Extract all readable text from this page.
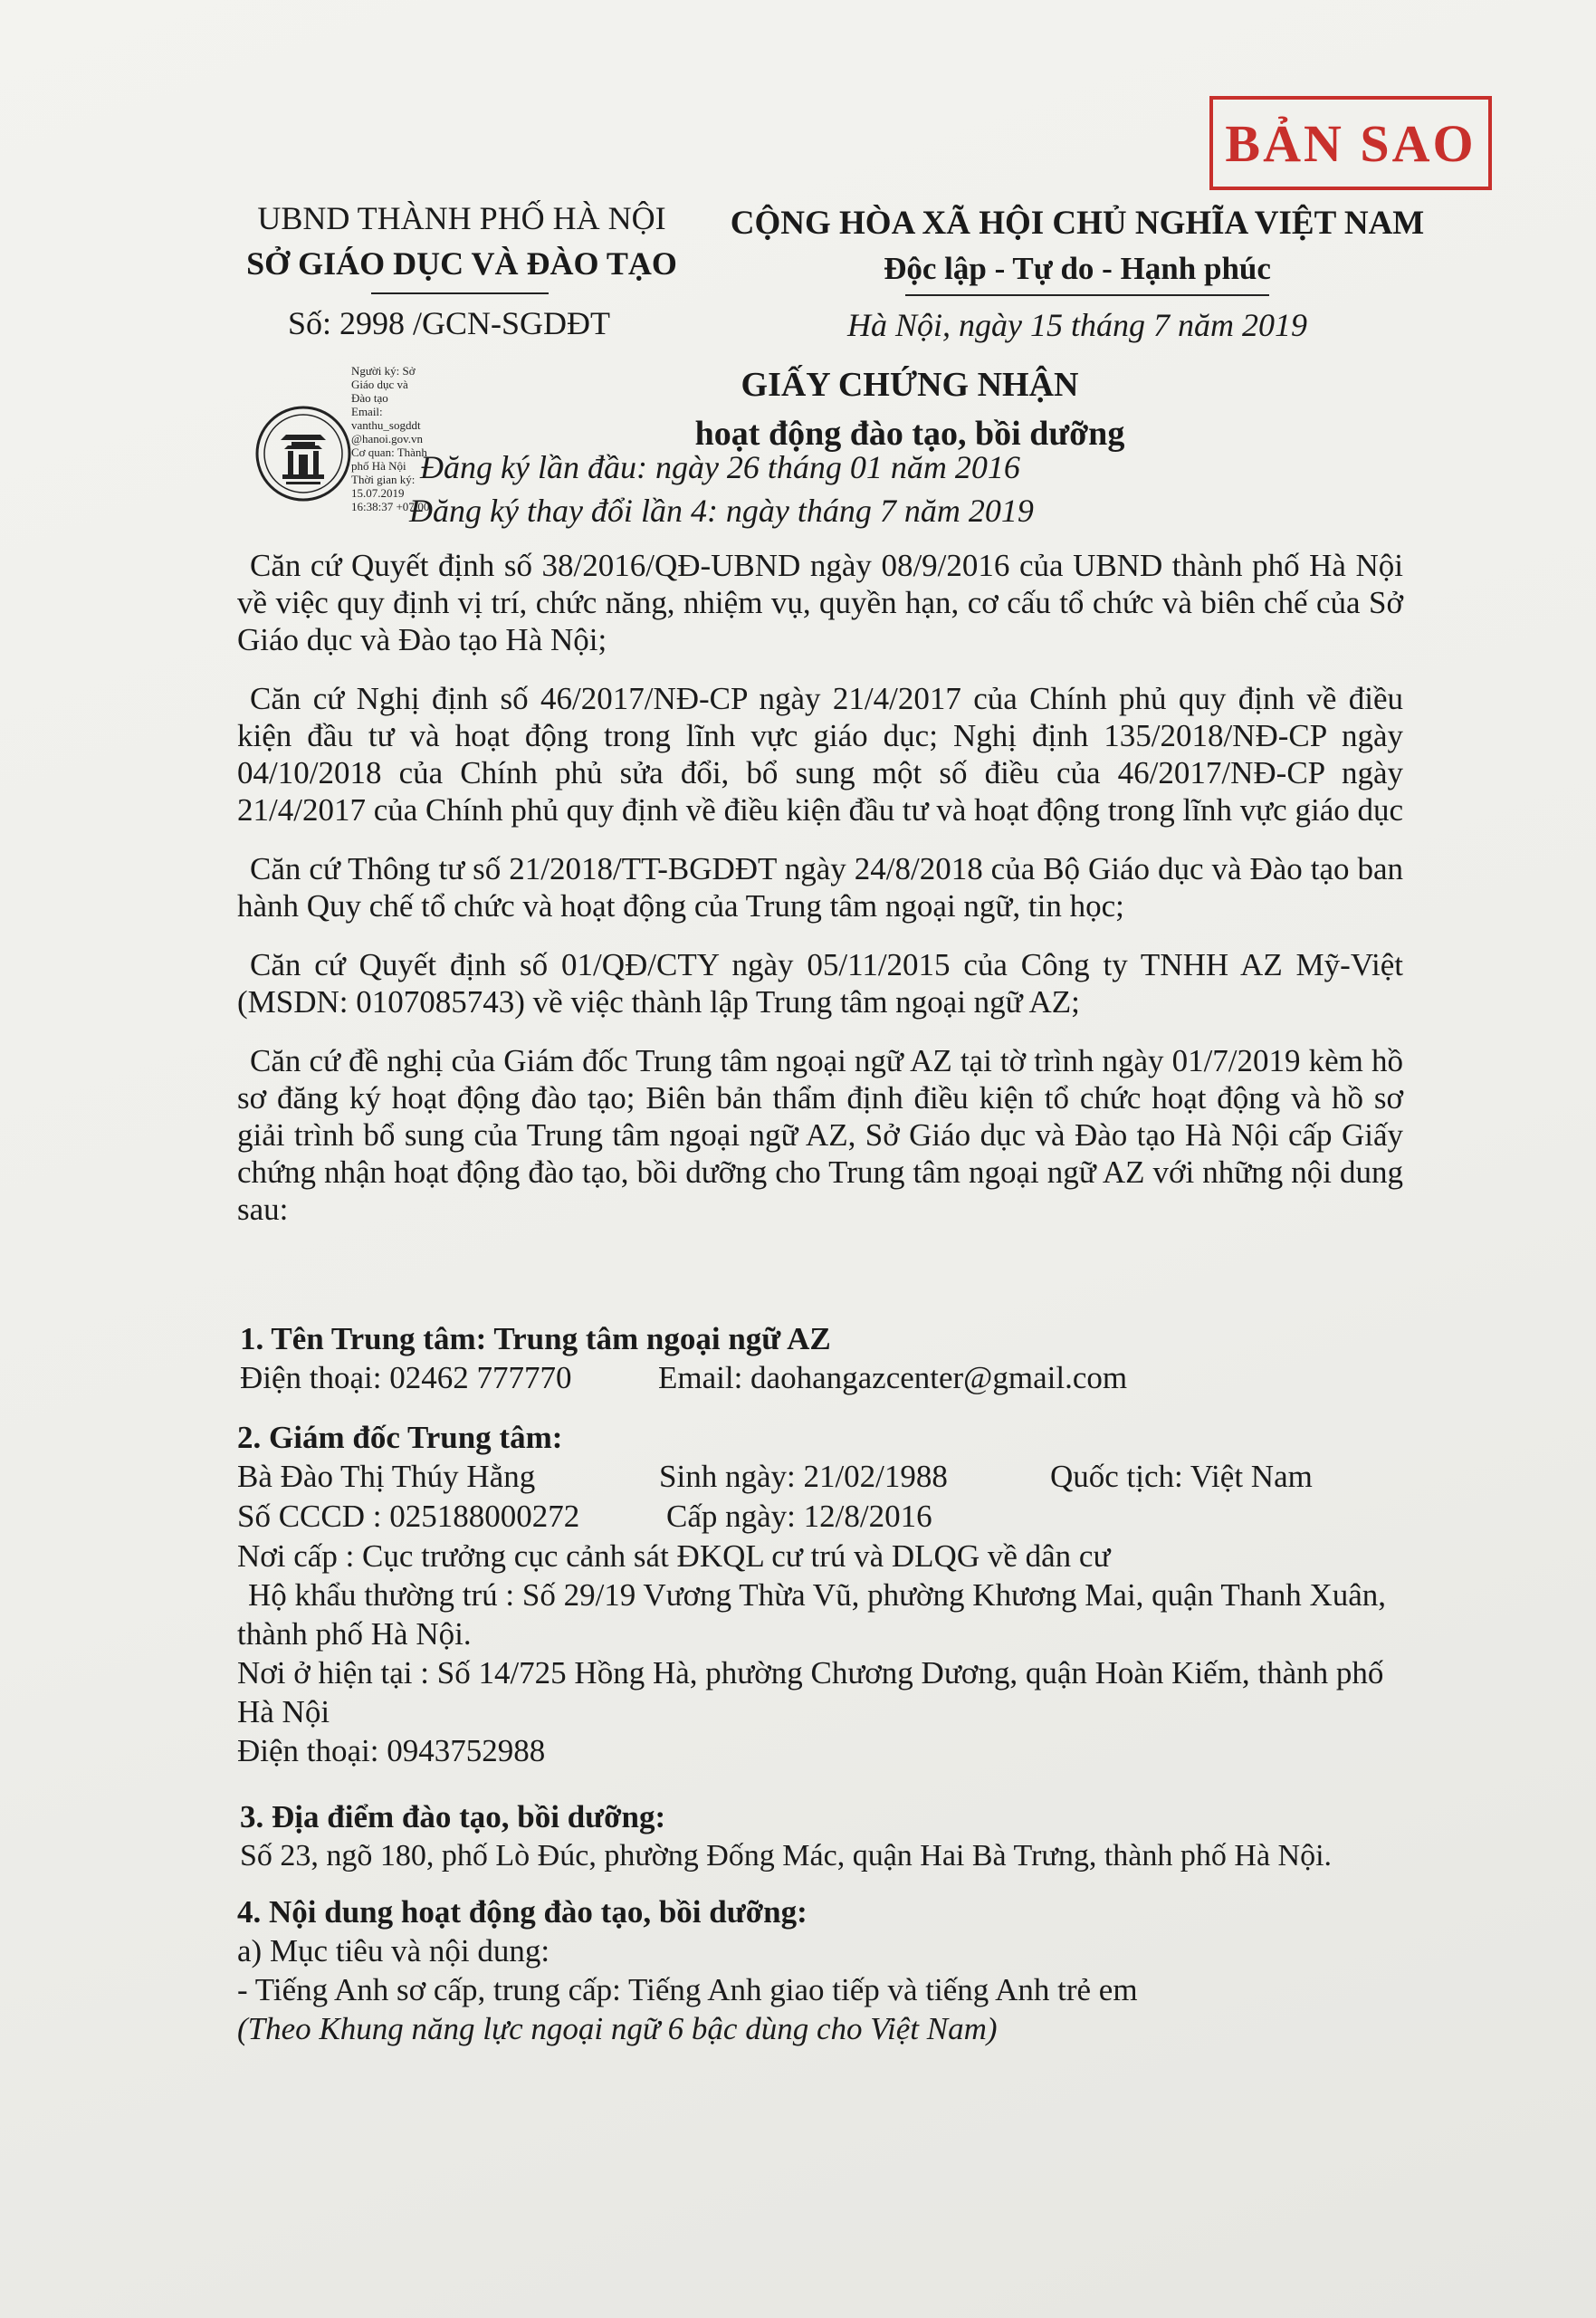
BẢN SAO
UBND THÀNH PHỐ HÀ NỘI
SỞ GIÁO DỤC VÀ ĐÀO TẠO
CỘNG HÒA XÃ HỘI CHỦ NGHĨA VIỆT NAM
Độc lập - Tự do - Hạnh phúc
Số: 2998 /GCN-SGDĐT	Hà Nội, ngày 15 tháng 7 năm 2019
Người ký: Sở
Giáo dục và
Đào tạo
Email:
vanthu_sogddt
@hanoi.gov.vn
Cơ quan: Thành
phố Hà Nội
Thời gian ký:
15.07.2019
16:38:37 +07:00
GIẤY CHỨNG NHẬN
hoạt động đào tạo, bồi dưỡng
Đăng ký lần đầu: ngày 26 tháng 01 năm 2016
Đăng ký thay đổi lần 4: ngày tháng 7 năm 2019

Căn cứ Quyết định số 38/2016/QĐ-UBND ngày 08/9/2016 của UBND thành phố Hà Nội về việc quy định vị trí, chức năng, nhiệm vụ, quyền hạn, cơ cấu tổ chức và biên chế của Sở Giáo dục và Đào tạo Hà Nội;

Căn cứ Nghị định số 46/2017/NĐ-CP ngày 21/4/2017 của Chính phủ quy định về điều kiện đầu tư và hoạt động trong lĩnh vực giáo dục; Nghị định 135/2018/NĐ-CP ngày 04/10/2018 của Chính phủ sửa đổi, bổ sung một số điều của 46/2017/NĐ-CP ngày 21/4/2017 của Chính phủ quy định về điều kiện đầu tư và hoạt động trong lĩnh vực giáo dục

Căn cứ Thông tư số 21/2018/TT-BGDĐT ngày 24/8/2018 của Bộ Giáo dục và Đào tạo ban hành Quy chế tổ chức và hoạt động của Trung tâm ngoại ngữ, tin học;

Căn cứ Quyết định số 01/QĐ/CTY ngày 05/11/2015 của Công ty TNHH AZ Mỹ-Việt (MSDN: 0107085743) về việc thành lập Trung tâm ngoại ngữ AZ;

Căn cứ đề nghị của Giám đốc Trung tâm ngoại ngữ AZ tại tờ trình ngày 01/7/2019 kèm hồ sơ đăng ký hoạt động đào tạo; Biên bản thẩm định điều kiện tổ chức hoạt động và hồ sơ giải trình bổ sung của Trung tâm ngoại ngữ AZ, Sở Giáo dục và Đào tạo Hà Nội cấp Giấy chứng nhận hoạt động đào tạo, bồi dưỡng cho Trung tâm ngoại ngữ AZ với những nội dung sau:

1. Tên Trung tâm: Trung tâm ngoại ngữ AZ
Điện thoại: 02462 777770	Email: daohangazcenter@gmail.com
2. Giám đốc Trung tâm:
Bà Đào Thị Thúy Hằng	Sinh ngày: 21/02/1988	Quốc tịch: Việt Nam
Số CCCD : 025188000272	Cấp ngày: 12/8/2016
Nơi cấp : Cục trưởng cục cảnh sát ĐKQL cư trú và DLQG về dân cư
Hộ khẩu thường trú : Số 29/19 Vương Thừa Vũ, phường Khương Mai, quận Thanh Xuân,
thành phố Hà Nội.
Nơi ở hiện tại : Số 14/725 Hồng Hà, phường Chương Dương, quận Hoàn Kiếm, thành phố
Hà Nội
Điện thoại: 0943752988
3. Địa điểm đào tạo, bồi dưỡng:
Số 23, ngõ 180, phố Lò Đúc, phường Đống Mác, quận Hai Bà Trưng, thành phố Hà Nội.
4. Nội dung hoạt động đào tạo, bồi dưỡng:
a) Mục tiêu và nội dung:
- Tiếng Anh sơ cấp, trung cấp: Tiếng Anh giao tiếp và tiếng Anh trẻ em
(Theo Khung năng lực ngoại ngữ 6 bậc dùng cho Việt Nam)
